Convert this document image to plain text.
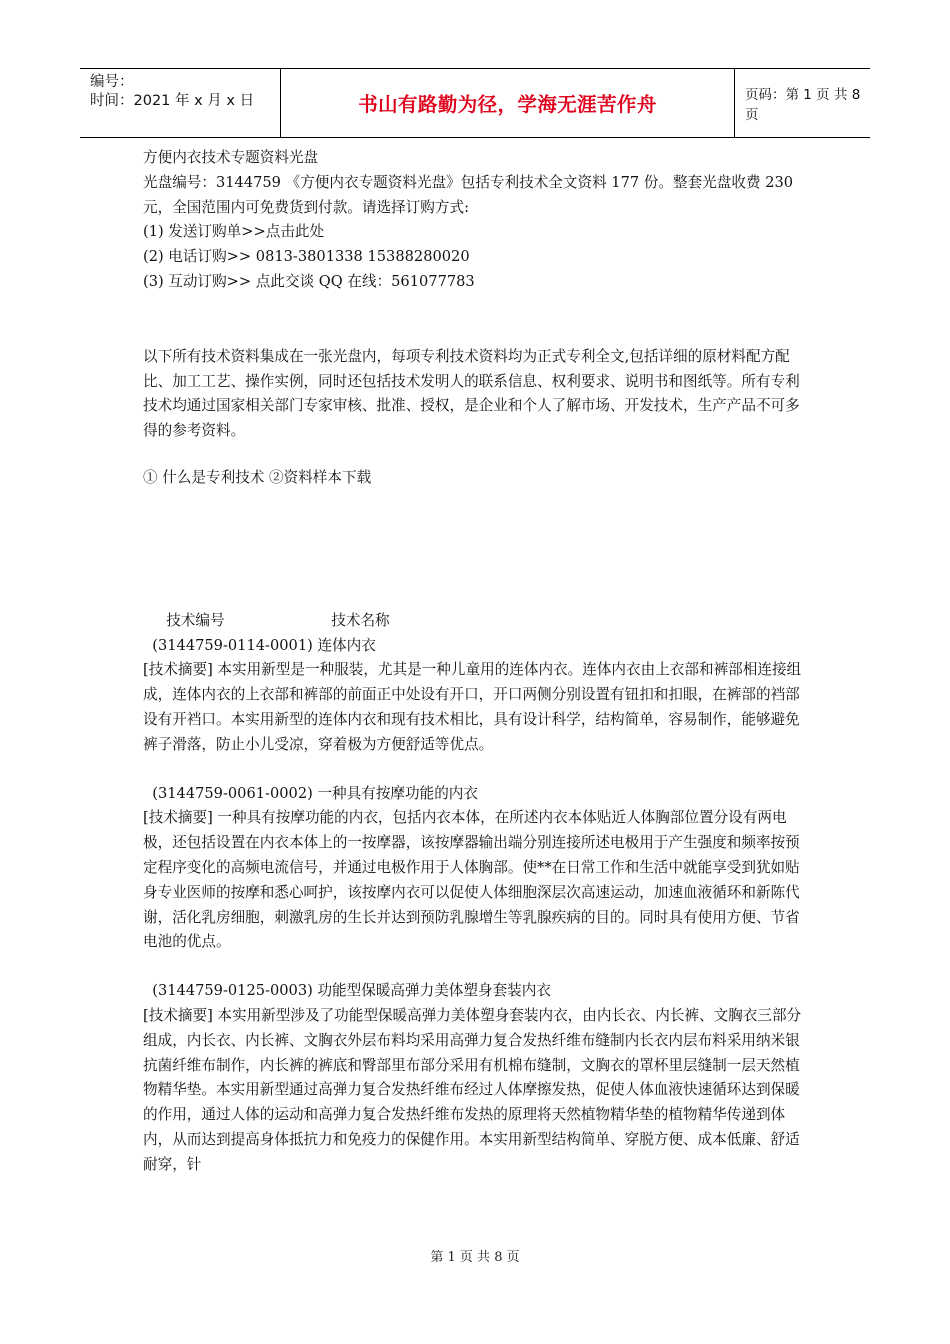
编号：
时间：2021 年 x 月 x 日	书山有路勤为径，学海无涯苦作舟	页码：第 1 页 共 8 页

方便内衣技术专题资料光盘

光盘编号：3144759 《方便内衣专题资料光盘》包括专利技术全文资料 177 份。整套光盘收费 230 元，全国范围内可免费货到付款。请选择订购方式:

(1) 发送订购单>>点击此处

(2) 电话订购>> 0813-3801338 15388280020

(3) 互动订购>> 点此交谈 QQ 在线：561077783

以下所有技术资料集成在一张光盘内，每项专利技术资料均为正式专利全文,包括详细的原材料配方配比、加工工艺、操作实例，同时还包括技术发明人的联系信息、权利要求、说明书和图纸等。所有专利技术均通过国家相关部门专家审核、批准、授权，是企业和个人了解市场、开发技术，生产产品不可多得的参考资料。

① 什么是专利技术 ②资料样本下载

技术编号                       技术名称

(3144759-0114-0001) 连体内衣

[技术摘要] 本实用新型是一种服装，尤其是一种儿童用的连体内衣。连体内衣由上衣部和裤部相连接组成，连体内衣的上衣部和裤部的前面正中处设有开口，开口两侧分别设置有钮扣和扣眼，在裤部的裆部设有开裆口。本实用新型的连体内衣和现有技术相比，具有设计科学，结构简单，容易制作，能够避免裤子滑落，防止小儿受凉，穿着极为方便舒适等优点。

(3144759-0061-0002) 一种具有按摩功能的内衣

[技术摘要] 一种具有按摩功能的内衣，包括内衣本体，在所述内衣本体贴近人体胸部位置分设有两电极，还包括设置在内衣本体上的一按摩器，该按摩器输出端分别连接所述电极用于产生强度和频率按预定程序变化的高频电流信号，并通过电极作用于人体胸部。使**在日常工作和生活中就能享受到犹如贴身专业医师的按摩和悉心呵护，该按摩内衣可以促使人体细胞深层次高速运动，加速血液循环和新陈代谢，活化乳房细胞，刺激乳房的生长并达到预防乳腺增生等乳腺疾病的目的。同时具有使用方便、节省电池的优点。

(3144759-0125-0003) 功能型保暖高弹力美体塑身套装内衣

[技术摘要] 本实用新型涉及了功能型保暖高弹力美体塑身套装内衣，由内长衣、内长裤、文胸衣三部分组成，内长衣、内长裤、文胸衣外层布料均采用高弹力复合发热纤维布缝制内长衣内层布料采用纳米银抗菌纤维布制作，内长裤的裤底和臀部里布部分采用有机棉布缝制，文胸衣的罩杯里层缝制一层天然植物精华垫。本实用新型通过高弹力复合发热纤维布经过人体摩擦发热，促使人体血液快速循环达到保暖的作用，通过人体的运动和高弹力复合发热纤维布发热的原理将天然植物精华垫的植物精华传递到体内，从而达到提高身体抵抗力和免疫力的保健作用。本实用新型结构简单、穿脱方便、成本低廉、舒适耐穿，针

第 1 页 共 8 页
